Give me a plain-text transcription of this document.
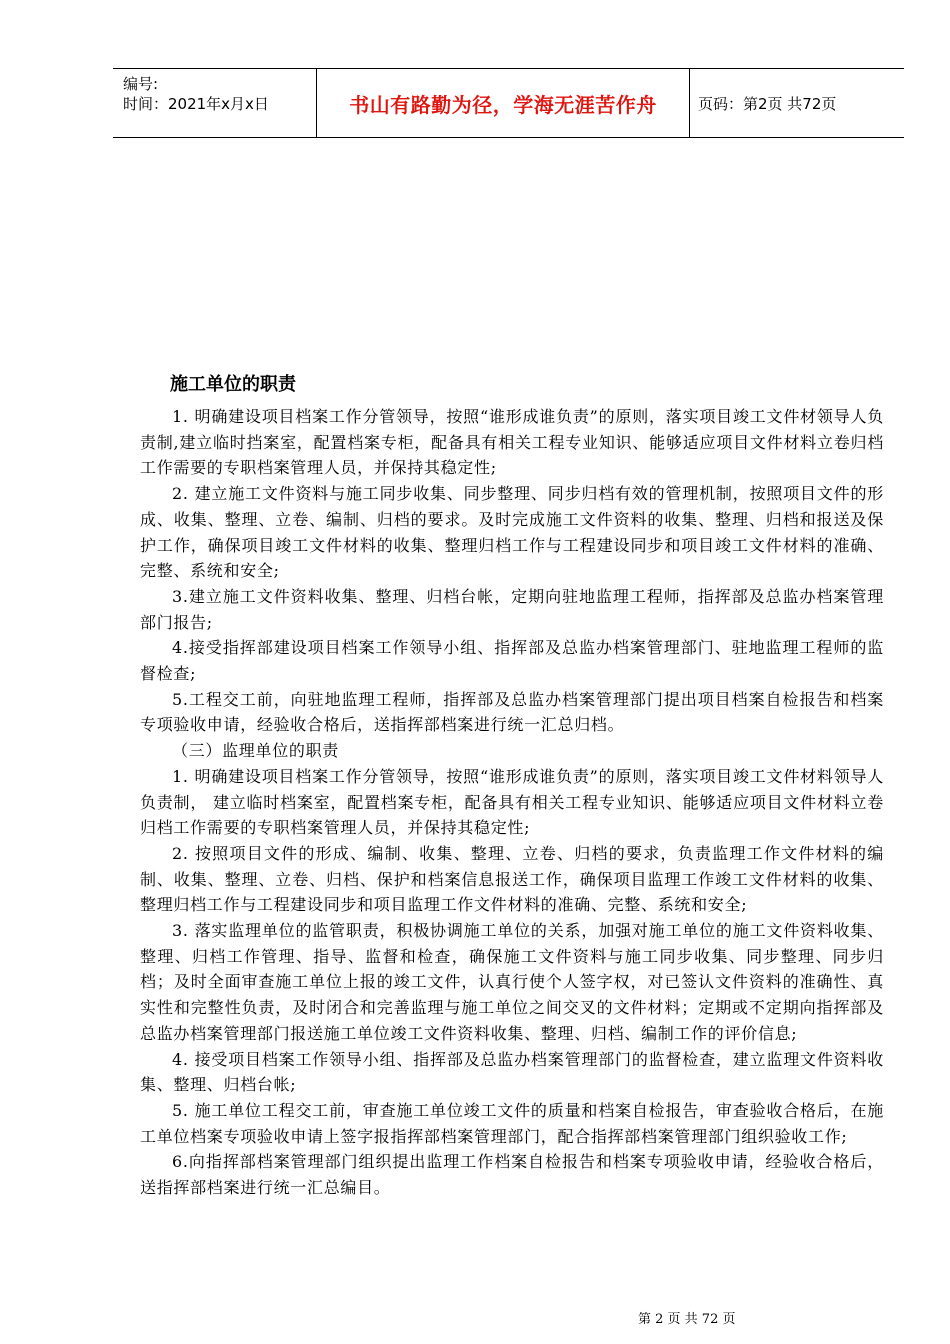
编号:
时间：2021年x月x日	书山有路勤为径，学海无涯苦作舟	页码：第2页 共72页
施工单位的职责

1. 明确建设项目档案工作分管领导，按照“谁形成谁负责”的原则，落实项目竣工文件材领导人负责制,建立临时挡案室，配置档案专柜，配备具有相关工程专业知识、能够适应项目文件材料立卷归档工作需要的专职档案管理人员，并保持其稳定性;

2. 建立施工文件资料与施工同步收集、同步整理、同步归档有效的管理机制，按照项目文件的形成、收集、整理、立卷、编制、归档的要求。及时完成施工文件资料的收集、整理、归档和报送及保护工作，确保项目竣工文件材料的收集、整理归档工作与工程建设同步和项目竣工文件材料的准确、完整、系统和安全;

3.建立施工文件资料收集、整理、归档台帐，定期向驻地监理工程师，指挥部及总监办档案管理部门报告;

4.接受指挥部建设项目档案工作领导小组、指挥部及总监办档案管理部门、驻地监理工程师的监督检查;

5.工程交工前，向驻地监理工程师，指挥部及总监办档案管理部门提出项目档案自检报告和档案专项验收申请，经验收合格后，送指挥部档案进行统一汇总归档。

（三）监理单位的职责

1. 明确建设项目档案工作分管领导，按照“谁形成谁负责”的原则，落实项目竣工文件材料领导人负责制， 建立临时档案室，配置档案专柜，配备具有相关工程专业知识、能够适应项目文件材料立卷归档工作需要的专职档案管理人员，并保持其稳定性;

2. 按照项目文件的形成、编制、收集、整理、立卷、归档的要求，负责监理工作文件材料的编制、收集、整理、立卷、归档、保护和档案信息报送工作，确保项目监理工作竣工文件材料的收集、整理归档工作与工程建设同步和项目监理工作文件材料的准确、完整、系统和安全;

3. 落实监理单位的监管职责，积极协调施工单位的关系，加强对施工单位的施工文件资料收集、整理、归档工作管理、指导、监督和检查，确保施工文件资料与施工同步收集、同步整理、同步归档；及时全面审查施工单位上报的竣工文件，认真行使个人签字权，对已签认文件资料的准确性、真实性和完整性负责，及时闭合和完善监理与施工单位之间交叉的文件材料；定期或不定期向指挥部及总监办档案管理部门报送施工单位竣工文件资料收集、整理、归档、编制工作的评价信息;

4. 接受项目档案工作领导小组、指挥部及总监办档案管理部门的监督检查，建立监理文件资料收集、整理、归档台帐;

5. 施工单位工程交工前，审查施工单位竣工文件的质量和档案自检报告，审查验收合格后，在施工单位档案专项验收申请上签字报指挥部档案管理部门，配合指挥部档案管理部门组织验收工作;

6.向指挥部档案管理部门组织提出监理工作档案自检报告和档案专项验收申请，经验收合格后，送指挥部档案进行统一汇总编目。

第 2 页 共 72 页
